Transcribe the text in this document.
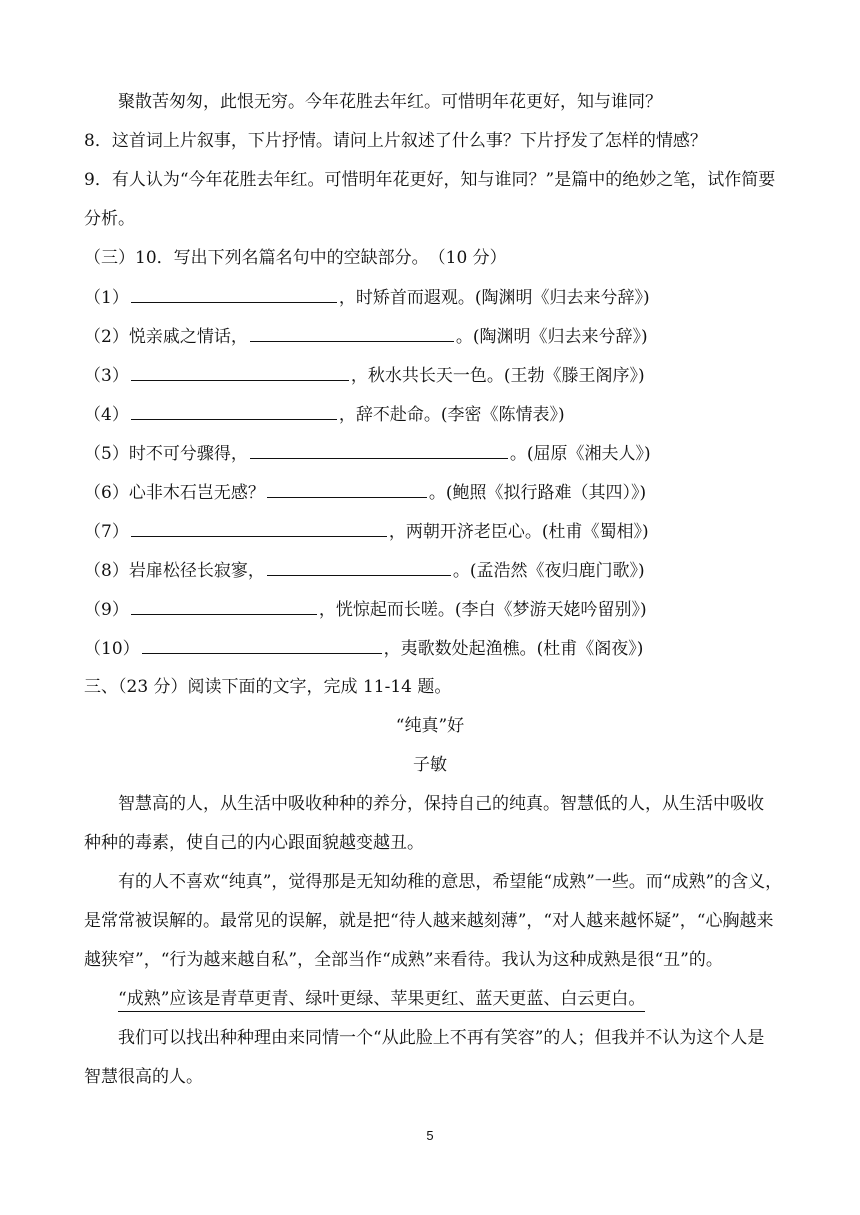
聚散苦匆匆，此恨无穷。今年花胜去年红。可惜明年花更好，知与谁同？
8．这首词上片叙事，下片抒情。请问上片叙述了什么事？下片抒发了怎样的情感？
9．有人认为“今年花胜去年红。可惜明年花更好，知与谁同？”是篇中的绝妙之笔，试作简要
分析。
（三）10．写出下列名篇名句中的空缺部分。　（10 分）
（1）	，时矫首而遐观。(陶渊明《归去来兮辞》)
（2）悦亲戚之情话，	。(陶渊明《归去来兮辞》)
（3）	，秋水共长天一色。(王勃《滕王阁序》)
（4）	，辞不赴命。(李密《陈情表》)
（5）时不可兮骤得，	。(屈原《湘夫人》)
（6）心非木石岂无感？	。(鲍照《拟行路难（其四）》)
（7）	，两朝开济老臣心。(杜甫《蜀相》)
（8）岩扉松径长寂寥，	。(孟浩然《夜归鹿门歌》)
（9）	，恍惊起而长嗟。(李白《梦游天姥吟留别》)
（10）	，夷歌数处起渔樵。(杜甫《阁夜》)
三、（23 分）阅读下面的文字，完成 11-14 题。
“纯真”好
子敏
智慧高的人，从生活中吸收种种的养分，保持自己的纯真。智慧低的人，从生活中吸收
种种的毒素，使自己的内心跟面貌越变越丑。
有的人不喜欢“纯真”，觉得那是无知幼稚的意思，希望能“成熟”一些。而“成熟”的含义，
是常常被误解的。最常见的误解，就是把“待人越来越刻薄”，“对人越来越怀疑”，“心胸越来
越狭窄”，“行为越来越自私”，全部当作“成熟”来看待。我认为这种成熟是很“丑”的。
“成熟”应该是青草更青、绿叶更绿、苹果更红、蓝天更蓝、白云更白。
我们可以找出种种理由来同情一个“从此脸上不再有笑容”的人；但我并不认为这个人是
智慧很高的人。
5
